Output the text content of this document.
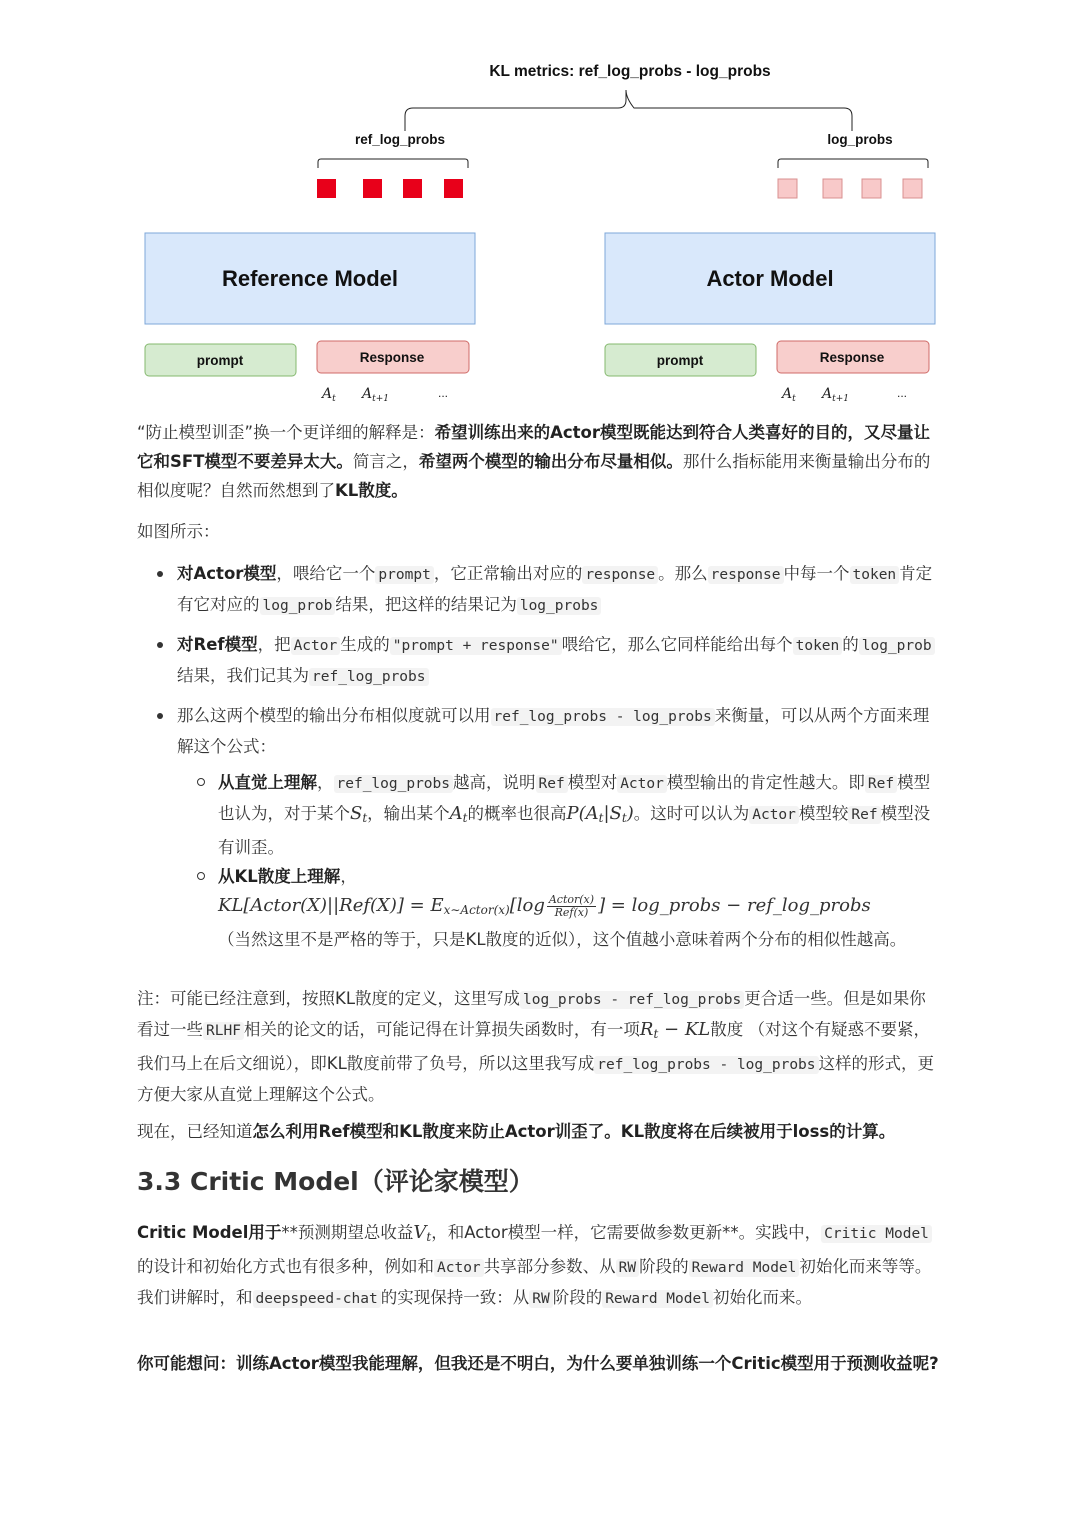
KL metrics: ref_log_probs - log_probs
ref_log_probs	log_probs
Reference Model	Actor Model
prompt	Response	prompt	Response
$A_t$ $A_{t+1}$	...	$A_t$ $A_{t+1}$	...

“防止模型训歪”换一个更详细的解释是：希望训练出来的Actor模型既能达到符合人类喜好的目的，又尽量让它和SFT模型不要差异太大。简言之，希望两个模型的输出分布尽量相似。那什么指标能用来衡量输出分布的相似度呢？自然而然想到了KL散度。

如图所示：

对Actor模型，喂给它一个 prompt ，它正常输出对应的 response 。那么 response 中每一个 token 肯定有它对应的 log_prob 结果，把这样的结果记为 log_probs
对Ref模型，把 Actor 生成的 "prompt + response" 喂给它，那么它同样能给出每个 token 的 log_prob结果，我们记其为 ref_log_probs
那么这两个模型的输出分布相似度就可以用 ref_log_probs - log_probs 来衡量，可以从两个方面来理解这个公式：
从直觉上理解， ref_log_probs 越高，说明 Ref 模型对 Actor 模型输出的肯定性越大。即 Ref 模型也认为，对于某个$S_t$，输出某个$A_t$的概率也很高$P(A_t|S_t)$。这时可以认为 Actor 模型较 Ref 模型没有训歪。
从KL散度上理解，
KL[Actor(X)||Ref(X)] = $E_{x\sim Actor(x)}[\log \frac{\text{Actor(x)}}{\text{Ref(x)}}$ ] = log_probs − ref_log_probs
（当然这里不是严格的等于，只是KL散度的近似），这个值越小意味着两个分布的相似性越高。

注：可能已经注意到，按照KL散度的定义，这里写成 log_probs - ref_log_probs 更合适一些。但是如果你看过一些 RLHF 相关的论文的话，可能记得在计算损失函数时，有一项$R_t$ − KL散度 （对这个有疑惑不要紧，我们马上在后文细说），即KL散度前带了负号，所以这里我写成 ref_log_probs - log_probs 这样的形式，更方便大家从直觉上理解这个公式。

现在，已经知道怎么利用Ref模型和KL散度来防止Actor训歪了。KL散度将在后续被用于loss的计算。

3.3 Critic Model（评论家模型）

Critic Model用于**预测期望总收益$V_t$，和Actor模型一样，它需要做参数更新**。实践中， Critic Model的设计和初始化方式也有很多种，例如和 Actor 共享部分参数、从 RW 阶段的 Reward Model 初始化而来等等。我们讲解时，和 deepspeed-chat 的实现保持一致：从 RW 阶段的 Reward Model 初始化而来。

你可能想问：训练Actor模型我能理解，但我还是不明白，为什么要单独训练一个Critic模型用于预测收益呢?
